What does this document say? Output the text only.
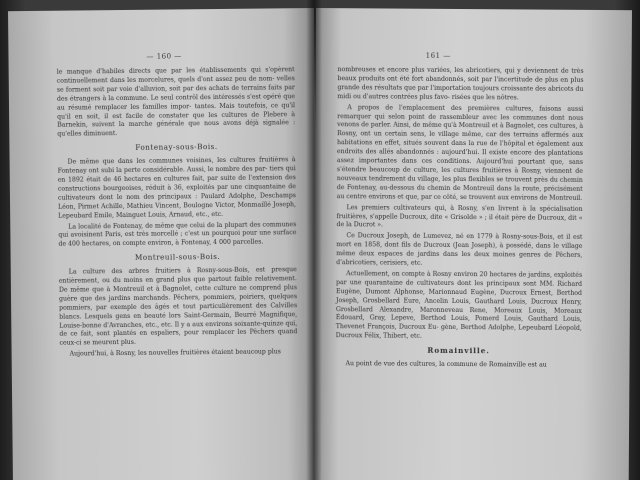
— 160 —

le manque d'habiles directs que par les établissements qui s'opèrent continuellement dans les morcelures, quels d'ont assez peu de nom- velles se forment soit par voie d'alluvion, soit par des achats de terrains faits par des étrangers à la commune. Le seul contrôl des intéressés s'est opéré que au résumé remplacer les familles impor- tantes. Mais toutefois, ce qu'il qu'il en soit, il est facile de constater que les cultures de Plebere à Barnekin, suivent la marche générale que nous avons déjà signalée : qu'elles diminuent.

Fontenay-sous-Bois.

De même que dans les communes voisines, les cultures fruitières à Fontenay ont subi la perte considérable. Aussi, le nombre des par- tiers qui en 1892 était de 46 hectares en cultures fait, par suite de l'extension des constructions bourgeoises, réduit à 36, exploités par une cinquantaine de cultivateurs dont le nom des principaux : Paulard Adolphe, Deschamps Léon, Pirmet Achille, Mathieu Vincent, Boulogne Victor, Monmaillé Joseph, Lepeubard Emile, Mainguet Louis, Arnaud, etc., etc.

La localité de Fontenay, de même que celui de la plupart des communes qui avoisinent Paris, est très morcellé ; c'est un pourquoi pour une surface de 400 hectares, on compte environ, à Fontenay, 4 000 parcelles.

Montreuil-sous-Bois.

La culture des arbres fruitiers à Rosny-sous-Bois, est presque entièrement, ou du moins en grand plus que partout faible relativement. De même que à Montreuil et à Bagnolet, cette culture ne comprend plus guère que des jardins marchands. Pêchers, pommiers, poiriers, quelques pommiers, par exemple des âgés et tout particulièrement des Calvilles blancs. Lesquels gens en beauté lors Saint-Germain, Beurré Magnifique, Louise-bonne d'Avranches, etc., etc. Il y a aux environs soixante-quinze qui, de ce fait, sont plantés en espaliers, pour remplacer les Pêchers quand ceux-ci se meurent plus.

Aujourd'hui, à Rosny, les nouvelles fruitières étaient beaucoup plus

161 —

nombreuses et encore plus variées, les abricotiers, qui y deviennent de très beaux produits ont été fort abandonnés, soit par l'incertitude de plus en plus grande des résultats que par l'importation toujours croissante des abricots du midi ou d'autres contrées plus favo- risées que les nôtres.

A propos de l'emplacement des premières cultures, faisons aussi remarquer qui selon point de rassembleur avec les communes dont nous venons de parler. Ainsi, de même qu'à Montreuil et à Bagnolet, ces cultures, à Rosny, ont un certain sens, le village même, car des terrains affermés aux habitations en effet, situés souvent dans la rue de l'hôpital et également aux endroits des allés abandonnés : aujourd'hui. Il existe encore des plantations assez importantes dans ces conditions. Aujourd'hui pourtant que, sans s'étendre beaucoup de culture, les cultures fruitières à Rosny, viennent de nouveaux tendrement du village, les plus flexibles se trouvent près du chemin de Fontenay, au-dessous du chemin de Montreuil dans la route, précisément au centre environs et que, par ce côté, se trouvent aux environs de Montreuil.

Les premiers cultivateurs qui, à Rosny, s'en livrent à la spécialisation fruitières, s'appelle Ducroux, dite « Grisolde » ; il était père de Ducroux, dit « de la Ducrot ».

Ce Ducroux Joseph, de Lumevez, né en 1779 à Rosny-sous-Bois, et il est mort en 1858, dont fils de Ducroux (Jean Joseph), à possédé, dans le village même deux espaces de jardins dans les deux moines genres de Pêchers, d'abricotiers, cerisiers, etc.

Actuellement, on compte à Rosny environ 20 hectares de jardins, exploités par une quarantaine de cultivateurs dont les principaux sont MM. Richard Eugène, Dumont Alphonse, Marionnaud Eugène, Ducroux Ernest, Berthod Joseph, Grosbellard Eure, Ancelin Louis, Gauthard Louis, Ducroux Henry, Grosbellard Alexandre, Maronneveau Rene, Moreaux Louis, Moreaux Édouard, Gray, Lepeve, Berthod Louis, Pomerd Louis, Gauthard Louis, Thevenet François, Ducroux Eu- gène, Berthod Adolphe, Lepeubard Léopold, Ducroux Félix, Thibert, etc.

Romainville.

Au point de vue des cultures, la commune de Romainville est au
